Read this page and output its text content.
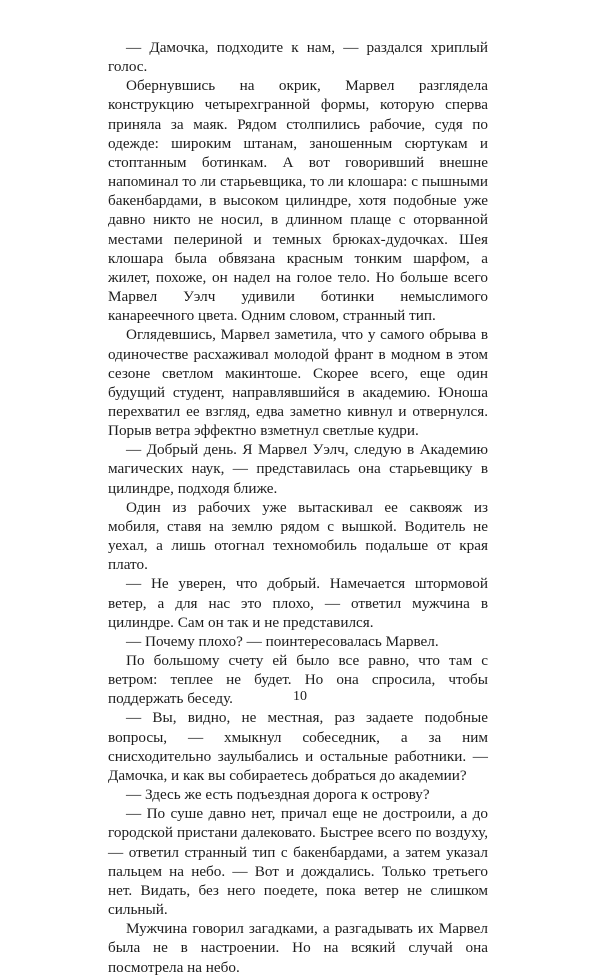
— Дамочка, подходите к нам, — раздался хриплый голос.

Обернувшись на окрик, Марвел разглядела конструкцию четырехгранной формы, которую сперва приняла за маяк. Рядом столпились рабочие, судя по одежде: широким штанам, заношенным сюртукам и стоптанным ботинкам. А вот говоривший внешне напоминал то ли старьевщика, то ли клошара: с пышными бакенбардами, в высоком цилиндре, хотя подобные уже давно никто не носил, в длинном плаще с оторванной местами пелериной и темных брюках-дудочках. Шея клошара была обвязана красным тонким шарфом, а жилет, похоже, он надел на голое тело. Но больше всего Марвел Уэлч удивили ботинки немыслимого канареечного цвета. Одним словом, странный тип.

Оглядевшись, Марвел заметила, что у самого обрыва в одиночестве расхаживал молодой франт в модном в этом сезоне светлом макинтоше. Скорее всего, еще один будущий студент, направлявшийся в академию. Юноша перехватил ее взгляд, едва заметно кивнул и отвернулся. Порыв ветра эффектно взметнул светлые кудри.

— Добрый день. Я Марвел Уэлч, следую в Академию магических наук, — представилась она старьевщику в цилиндре, подходя ближе.

Один из рабочих уже вытаскивал ее саквояж из мобиля, ставя на землю рядом с вышкой. Водитель не уехал, а лишь отогнал техномобиль подальше от края плато.

— Не уверен, что добрый. Намечается штормовой ветер, а для нас это плохо, — ответил мужчина в цилиндре. Сам он так и не представился.

— Почему плохо? — поинтересовалась Марвел.

По большому счету ей было все равно, что там с ветром: теплее не будет. Но она спросила, чтобы поддержать беседу.

— Вы, видно, не местная, раз задаете подобные вопросы, — хмыкнул собеседник, а за ним снисходительно заулыбались и остальные работники. — Дамочка, и как вы собираетесь добраться до академии?

— Здесь же есть подъездная дорога к острову?

— По суше давно нет, причал еще не достроили, а до городской пристани далековато. Быстрее всего по воздуху, — ответил странный тип с бакенбардами, а затем указал пальцем на небо. — Вот и дождались. Только третьего нет. Видать, без него поедете, пока ветер не слишком сильный.

Мужчина говорил загадками, а разгадывать их Марвел была не в настроении. Но на всякий случай она посмотрела на небо.

10
